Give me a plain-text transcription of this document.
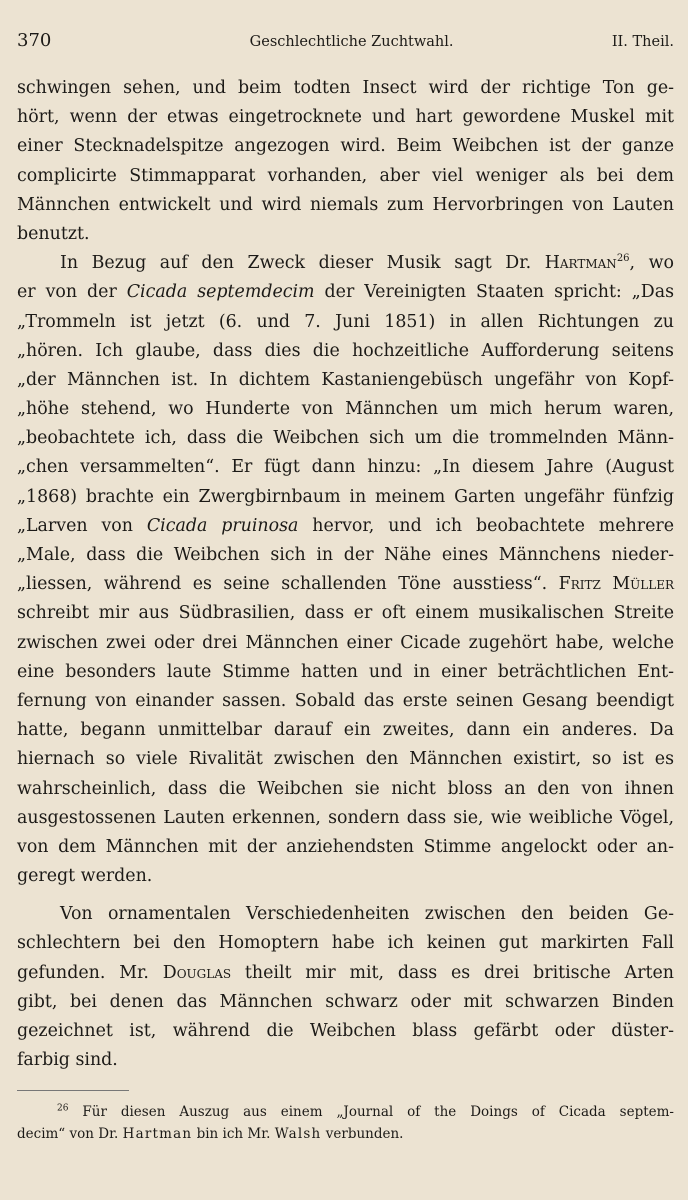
370	Geschlechtliche Zuchtwahl.	II. Theil.
schwingen sehen, und beim todten Insect wird der richtige Ton ge-
hört, wenn der etwas eingetrocknete und hart gewordene Muskel mit
einer Stecknadelspitze angezogen wird. Beim Weibchen ist der ganze
complicirte Stimmapparat vorhanden, aber viel weniger als bei dem
Männchen entwickelt und wird niemals zum Hervorbringen von Lauten
benutzt.
In Bezug auf den Zweck dieser Musik sagt Dr. Hartman$^{26}$, wo
er von der Cicada septemdecim der Vereinigten Staaten spricht: „Das
„Trommeln ist jetzt (6. und 7. Juni 1851) in allen Richtungen zu
„hören. Ich glaube, dass dies die hochzeitliche Aufforderung seitens
„der Männchen ist. In dichtem Kastaniengebüsch ungefähr von Kopf-
„höhe stehend, wo Hunderte von Männchen um mich herum waren,
„beobachtete ich, dass die Weibchen sich um die trommelnden Männ-
„chen versammelten“. Er fügt dann hinzu: „In diesem Jahre (August
„1868) brachte ein Zwergbirnbaum in meinem Garten ungefähr fünfzig
„Larven von Cicada pruinosa hervor, und ich beobachtete mehrere
„Male, dass die Weibchen sich in der Nähe eines Männchens nieder-
„liessen, während es seine schallenden Töne ausstiess“. Fritz Müller
schreibt mir aus Südbrasilien, dass er oft einem musikalischen Streite
zwischen zwei oder drei Männchen einer Cicade zugehört habe, welche
eine besonders laute Stimme hatten und in einer beträchtlichen Ent-
fernung von einander sassen. Sobald das erste seinen Gesang beendigt
hatte, begann unmittelbar darauf ein zweites, dann ein anderes. Da
hiernach so viele Rivalität zwischen den Männchen existirt, so ist es
wahrscheinlich, dass die Weibchen sie nicht bloss an den von ihnen
ausgestossenen Lauten erkennen, sondern dass sie, wie weibliche Vögel,
von dem Männchen mit der anziehendsten Stimme angelockt oder an-
geregt werden.
Von ornamentalen Verschiedenheiten zwischen den beiden Ge-
schlechtern bei den Homoptern habe ich keinen gut markirten Fall
gefunden. Mr. Douglas theilt mir mit, dass es drei britische Arten
gibt, bei denen das Männchen schwarz oder mit schwarzen Binden
gezeichnet ist, während die Weibchen blass gefärbt oder düster-
farbig sind.
$^{26}$ Für diesen Auszug aus einem „Journal of the Doings of Cicada septem-
decim“ von Dr. Hartman bin ich Mr. Walsh verbunden.
